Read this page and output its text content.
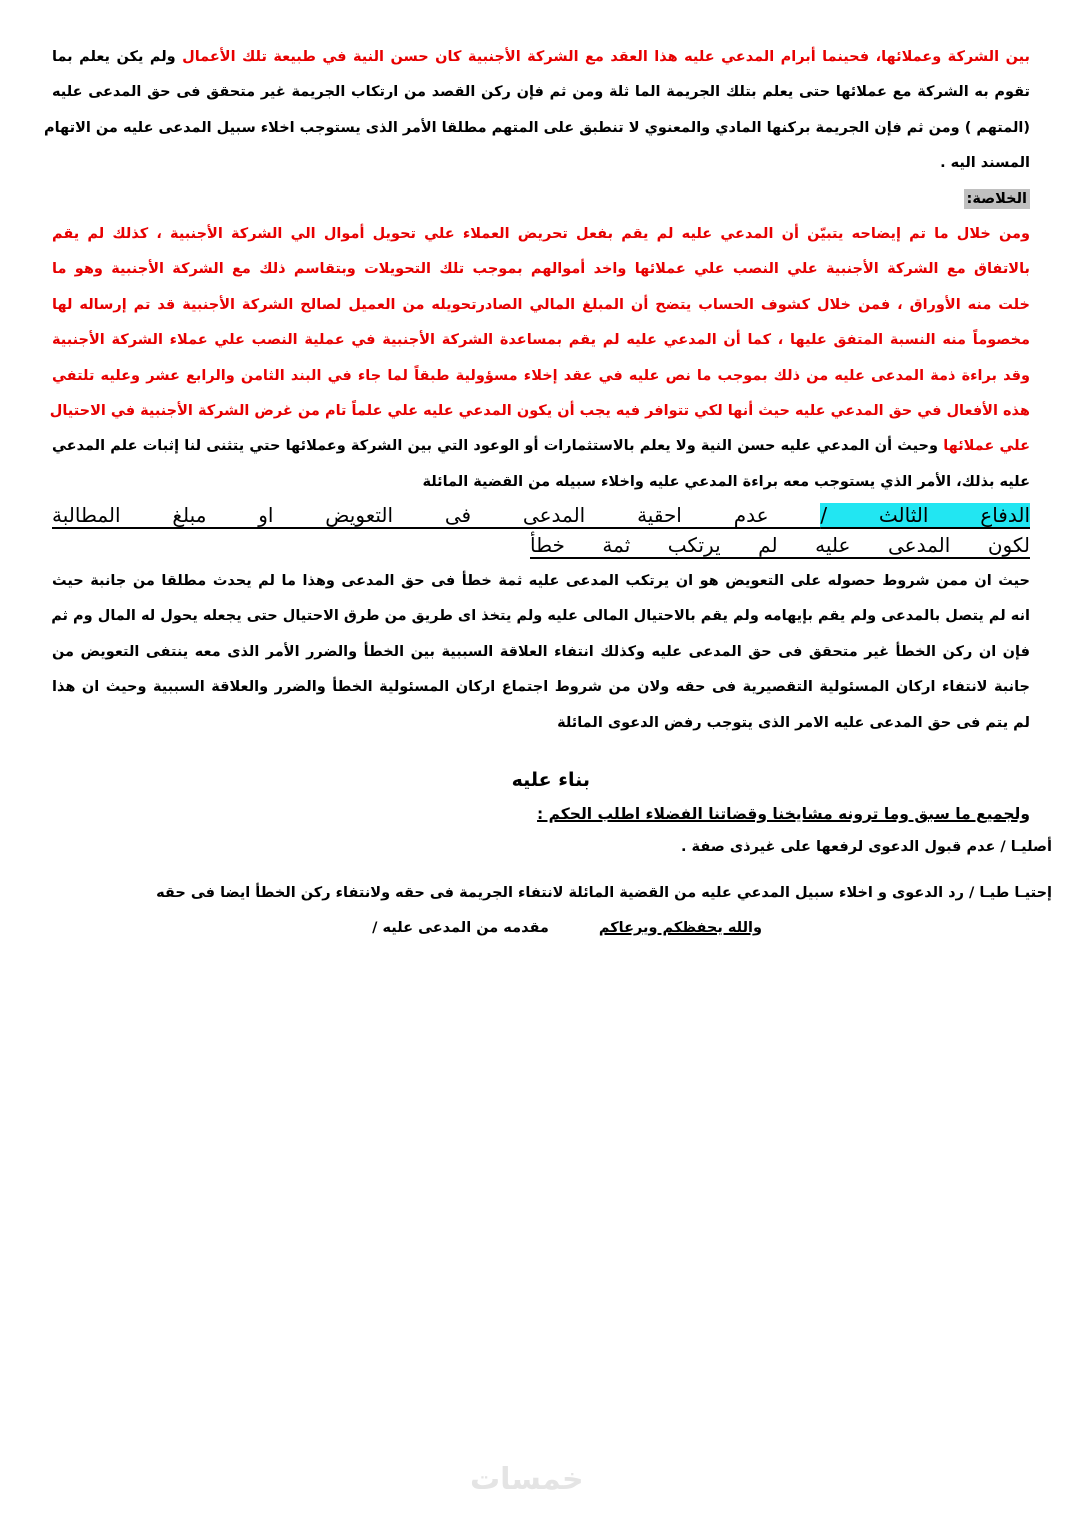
بين الشركة وعملائها، فحينما أبرام المدعي عليه هذا العقد مع الشركة الأجنبية كان حسن النية في طبيعة تلك الأعمال ولم يكن يعلم بما
تقوم به الشركة مع عملائها حتى يعلم بتلك الجريمة الما ثلة ومن ثم فإن ركن القصد من ارتكاب الجريمة غير متحقق فى حق المدعى عليه
(المتهم ) ومن ثم فإن الجريمة بركنها المادي والمعنوي لا تنطبق على المتهم مطلقا الأمر الذى يستوجب اخلاء سبيل المدعى عليه من الاتهام
المسند اليه .
الخلاصة:
ومن خلال ما تم إيضاحه يتبيّن أن المدعي عليه لم يقم بفعل تحريض العملاء علي تحويل أموال الي الشركة الأجنبية ، كذلك لم يقم
بالاتفاق مع الشركة الأجنبية علي النصب علي عملائها واخد أموالهم بموجب تلك التحويلات وبتقاسم ذلك مع الشركة الأجنبية وهو ما
خلت منه الأوراق ، فمن خلال كشوف الحساب يتضح أن المبلغ المالي الصادرتحويله من العميل لصالح الشركة الأجنبية قد تم إرساله لها
مخصوماً منه النسبة المتفق عليها ، كما أن المدعي عليه لم يقم بمساعدة الشركة الأجنبية في عملية النصب علي عملاء الشركة الأجنبية
وقد براءة ذمة المدعى عليه من ذلك بموجب ما نص عليه في عقد إخلاء مسؤولية طبقاً لما جاء في البند الثامن والرابع عشر وعليه تلتفي
هذه الأفعال في حق المدعي عليه حيث أنها لكي تتوافر فيه يجب أن يكون المدعي عليه علي علماً تام من غرض الشركة الأجنبية في الاحتيال
علي عملائها وحيث أن المدعي عليه حسن النية ولا يعلم بالاستثمارات أو الوعود التي بين الشركة وعملائها حتي يتثنى لنا إثبات علم المدعي
عليه بذلك، الأمر الذي يستوجب معه براءة المدعي عليه واخلاء سبيله من القضية المائلة
الدفاع الثالث / عدم احقية المدعى فى التعويض او مبلغ المطالبة
لكون المدعى عليه لم يرتكب ثمة خطأ
حيث ان ممن شروط حصوله على التعويض هو ان يرتكب المدعى عليه ثمة خطأ فى حق المدعى وهذا ما لم يحدث مطلقا من جانبة حيث
انه لم يتصل بالمدعى ولم يقم بإيهامه ولم يقم بالاحتيال المالى عليه ولم يتخذ اى طريق من طرق الاحتيال حتى يجعله يحول له المال وم ثم
فإن ان ركن الخطأ غير متحقق فى حق المدعى عليه وكذلك انتفاء العلاقة السببية بين الخطأ والضرر الأمر الذى معه ينتفى التعويض من
جانبة لانتفاء اركان المسئولية التقصيرية فى حقه ولان من شروط اجتماع اركان المسئولية الخطأ والضرر والعلاقة السببية وحيث ان هذا
لم يتم فى حق المدعى عليه الامر الذى يتوجب رفض الدعوى المائلة
بناء عليه
ولجميع ما سبق وما ترونه مشايخنا وقضاتنا الفضلاء اطلب الحكم :
أصليـا / عدم قبول الدعوى لرفعها على غيرذى صفة .
إحتيـا طيـا / رد الدعوى و اخلاء سبيل المدعي عليه من القضية المائلة لانتفاء الجريمة فى حقه ولانتفاء ركن الخطأ ايضا فى حقه
والله يحفظكم ويرعاكممقدمه من المدعى عليه /
خمسات
